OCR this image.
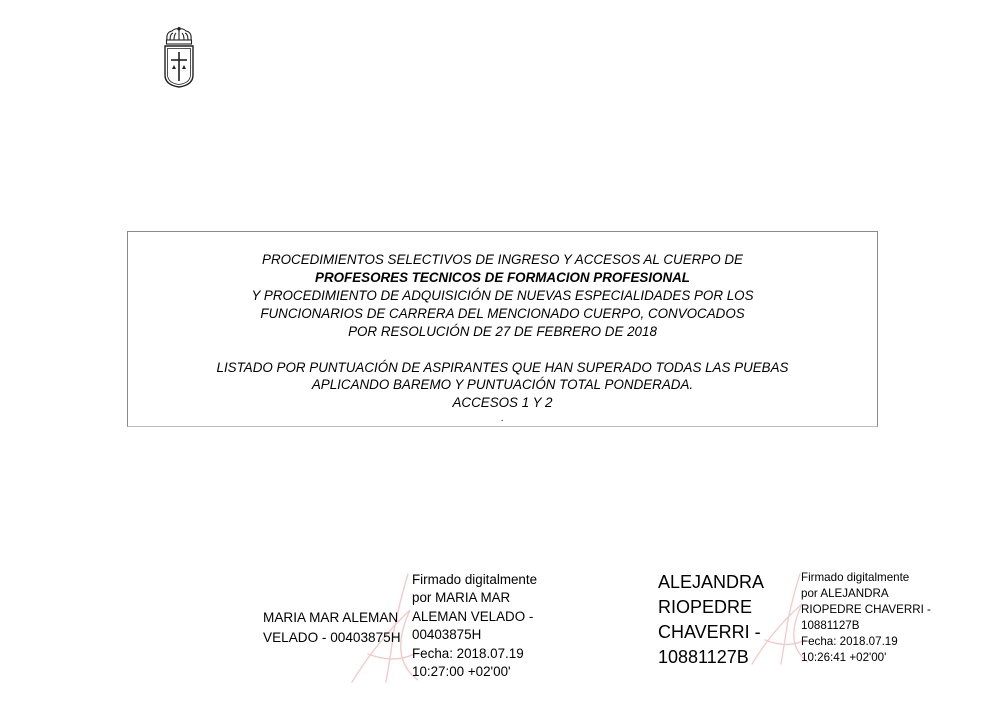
PROCEDIMIENTOS SELECTIVOS DE INGRESO Y ACCESOS AL CUERPO DE
PROFESORES TECNICOS DE FORMACION PROFESIONAL
Y PROCEDIMIENTO DE ADQUISICIÓN DE NUEVAS ESPECIALIDADES POR LOS
FUNCIONARIOS DE CARRERA DEL MENCIONADO CUERPO, CONVOCADOS
POR RESOLUCIÓN DE 27 DE FEBRERO DE 2018
LISTADO POR PUNTUACIÓN DE ASPIRANTES QUE HAN SUPERADO TODAS LAS PUEBAS
APLICANDO BAREMO Y PUNTUACIÓN TOTAL PONDERADA.
ACCESOS 1 Y 2
.
MARIA MAR ALEMAN
VELADO - 00403875H
Firmado digitalmente
por MARIA MAR
ALEMAN VELADO -
00403875H
Fecha: 2018.07.19
10:27:00 +02'00'
ALEJANDRA
RIOPEDRE
CHAVERRI -
10881127B
Firmado digitalmente
por ALEJANDRA
RIOPEDRE CHAVERRI -
10881127B
Fecha: 2018.07.19
10:26:41 +02'00'
